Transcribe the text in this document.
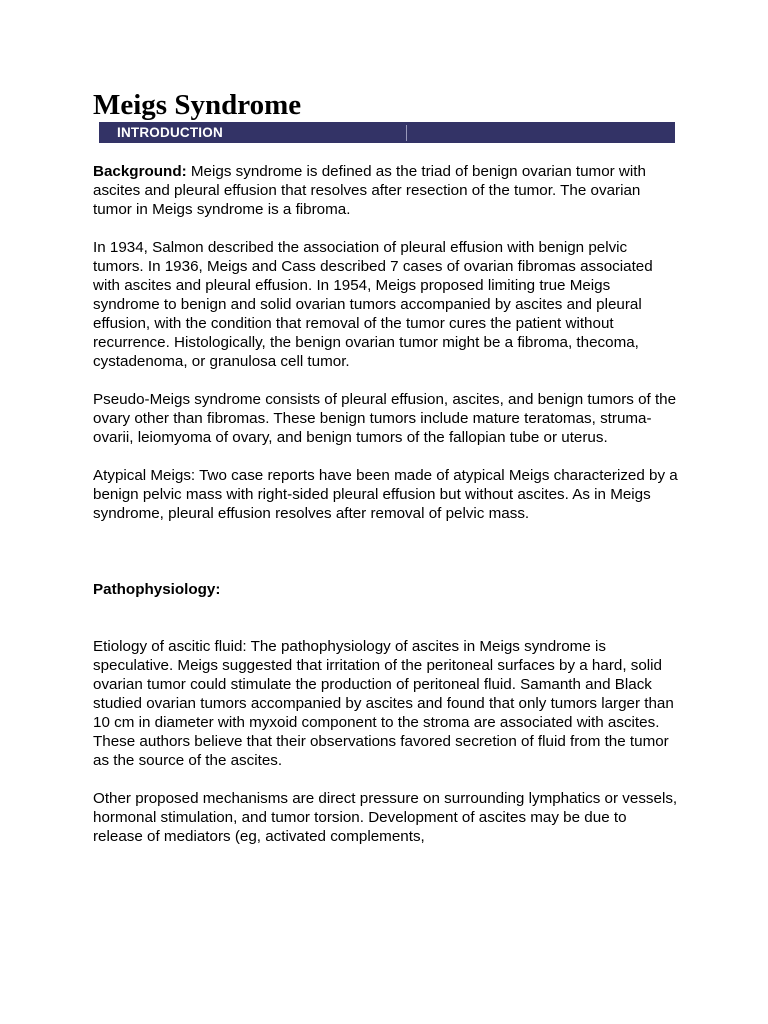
Meigs Syndrome
INTRODUCTION

Background: Meigs syndrome is defined as the triad of benign ovarian tumor with ascites and pleural effusion that resolves after resection of the tumor. The ovarian tumor in Meigs syndrome is a fibroma.

In 1934, Salmon described the association of pleural effusion with benign pelvic tumors. In 1936, Meigs and Cass described 7 cases of ovarian fibromas associated with ascites and pleural effusion. In 1954, Meigs proposed limiting true Meigs syndrome to benign and solid ovarian tumors accompanied by ascites and pleural effusion, with the condition that removal of the tumor cures the patient without recurrence. Histologically, the benign ovarian tumor might be a fibroma, thecoma, cystadenoma, or granulosa cell tumor.

Pseudo-Meigs syndrome consists of pleural effusion, ascites, and benign tumors of the ovary other than fibromas. These benign tumors include mature teratomas, struma-ovarii, leiomyoma of ovary, and benign tumors of the fallopian tube or uterus.

Atypical Meigs: Two case reports have been made of atypical Meigs characterized by a benign pelvic mass with right-sided pleural effusion but without ascites. As in Meigs syndrome, pleural effusion resolves after removal of pelvic mass.

Pathophysiology:

Etiology of ascitic fluid: The pathophysiology of ascites in Meigs syndrome is speculative. Meigs suggested that irritation of the peritoneal surfaces by a hard, solid ovarian tumor could stimulate the production of peritoneal fluid. Samanth and Black studied ovarian tumors accompanied by ascites and found that only tumors larger than 10 cm in diameter with myxoid component to the stroma are associated with ascites. These authors believe that their observations favored secretion of fluid from the tumor as the source of the ascites.

Other proposed mechanisms are direct pressure on surrounding lymphatics or vessels, hormonal stimulation, and tumor torsion. Development of ascites may be due to release of mediators (eg, activated complements,
